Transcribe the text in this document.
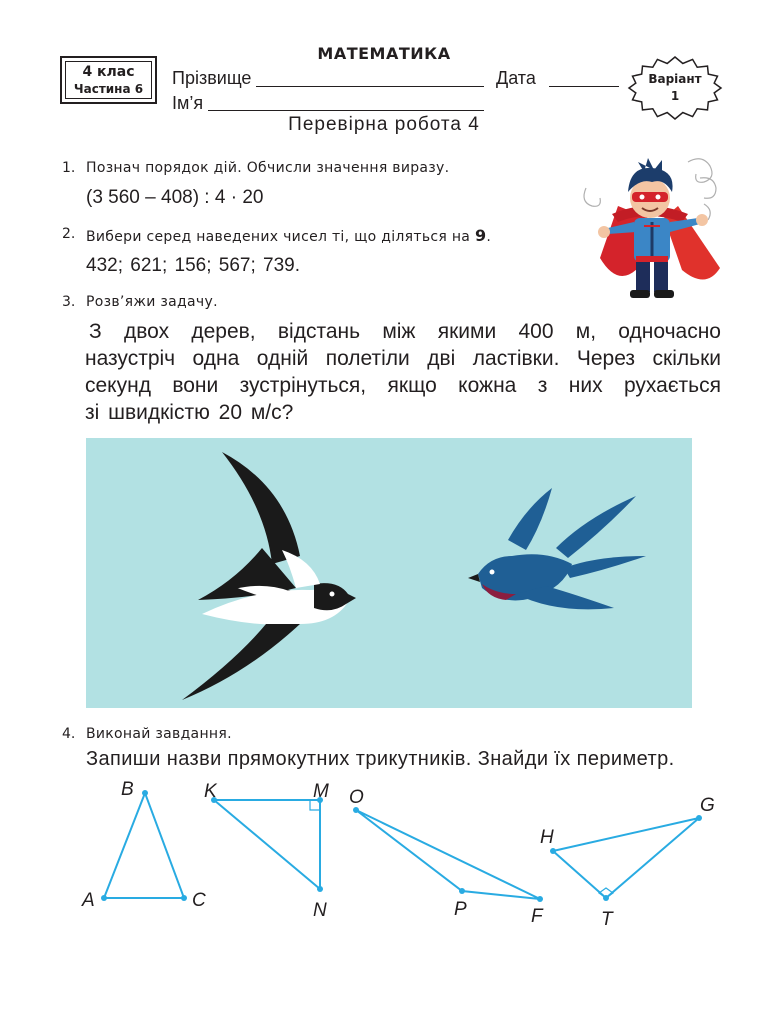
4 клас
Частина 6
МАТЕМАТИКА
Прізвище	Дата
Ім’я
Варіант
1
Перевірна робота 4
1. Познач порядок дій. Обчисли значення виразу.
(3 560 – 408) : 4 · 20
2. Вибери серед наведених чисел ті, що діляться на 9.
432; 621; 156; 567; 739.
3. Розв’яжи задачу.
З двох дерев, відстань між якими 400 м, одночасно
назустріч одна одній полетіли дві ластівки. Через скільки
секунд вони зустрінуться, якщо кожна з них рухається
зі швидкістю 20 м/с?
4. Виконай завдання.
Запиши назви прямокутних трикутників. Знайди їх периметр.
B
A	C
K	M
N
O
P	F
H
G
T
